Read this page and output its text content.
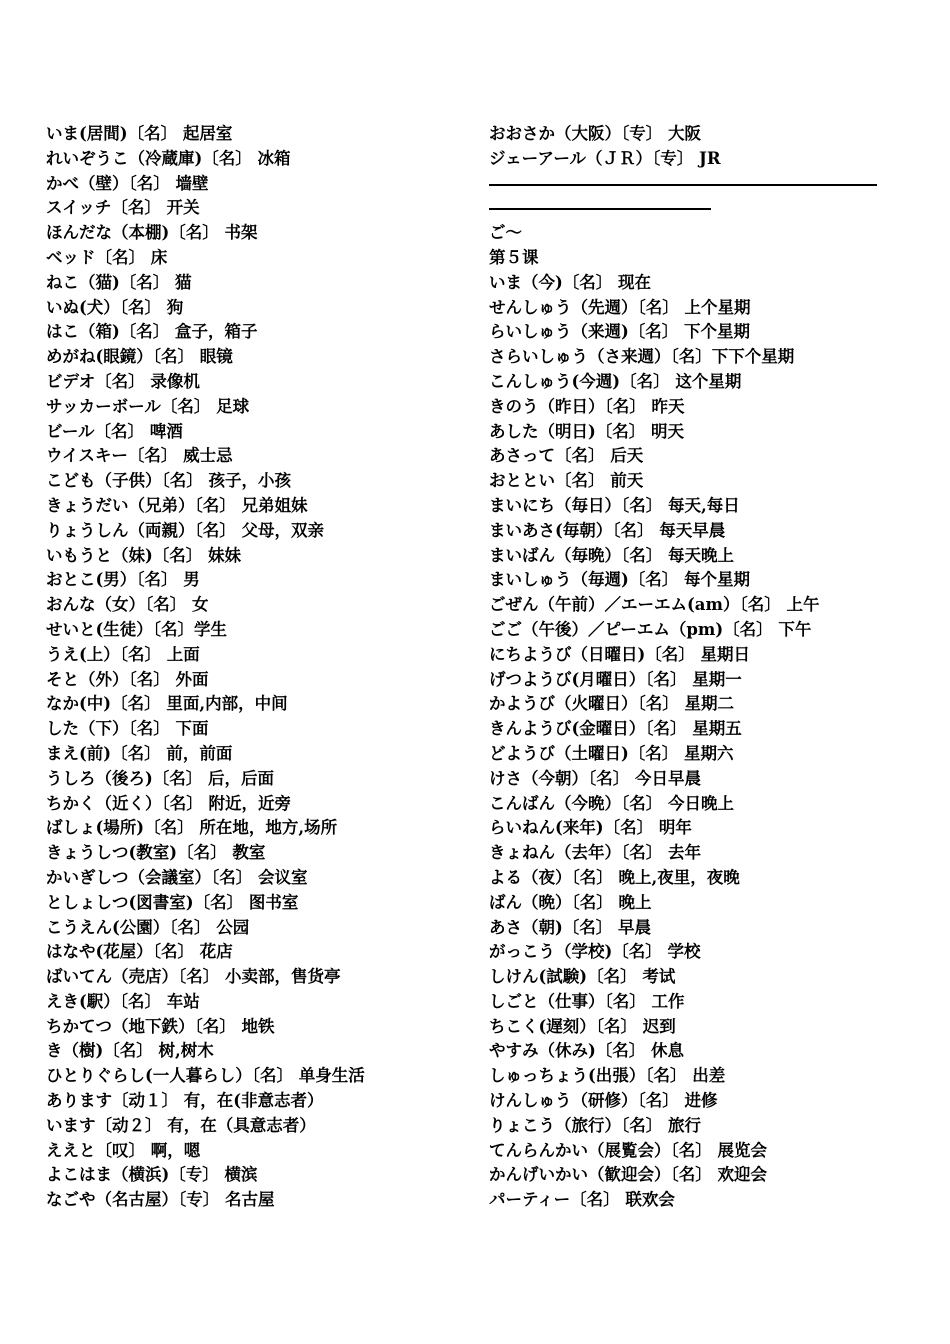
いま(居間)〔名〕 起居室
れいぞうこ（冷蔵庫)〔名〕 冰箱
かべ（壁）〔名〕 墙壁
スイッチ〔名〕 开关
ほんだな（本棚)〔名〕 书架
ベッド〔名〕 床
ねこ（猫)〔名〕 猫
いぬ(犬）〔名〕 狗
はこ（箱)〔名〕 盒子，箱子
めがね(眼鏡）〔名〕 眼镜
ビデオ〔名〕 录像机
サッカーボール〔名〕 足球
ビール〔名〕 啤酒
ウイスキー〔名〕 威士忌
こども（子供）〔名〕 孩子，小孩
きょうだい（兄弟）〔名〕 兄弟姐妹
りょうしん（両親）〔名〕 父母，双亲
いもうと（妹)〔名〕 妹妹
おとこ(男）〔名〕 男
おんな（女）〔名〕 女
せいと(生徒）〔名〕学生
うえ(上）〔名〕 上面
そと（外）〔名〕 外面
なか(中)〔名〕 里面,内部，中间
した（下）〔名〕 下面
まえ(前)〔名〕 前，前面
うしろ（後ろ)〔名〕 后，后面
ちかく（近く）〔名〕 附近，近旁
ばしょ(場所)〔名〕 所在地，地方,场所
きょうしつ(教室)〔名〕 教室
かいぎしつ（会議室）〔名〕 会议室
としょしつ(図書室)〔名〕 图书室
こうえん(公園）〔名〕 公园
はなや(花屋）〔名〕 花店
ばいてん（売店）〔名〕 小卖部，售货亭
えき(駅）〔名〕 车站
ちかてつ（地下鉄）〔名〕 地铁
き（樹)〔名〕 树,树木
ひとりぐらし(一人暮らし）〔名〕 单身生活
あります〔动１〕 有，在(非意志者）
います〔动２〕 有，在（具意志者）
ええと〔叹〕 啊，嗯
よこはま（横浜)〔专〕 横滨
なごや（名古屋）〔专〕 名古屋
おおさか（大阪）〔专〕 大阪
ジェーアール（ＪＲ）〔专〕 JR
ご～
第５课
いま（今)〔名〕 现在
せんしゅう（先週）〔名〕 上个星期
らいしゅう（来週)〔名〕 下个星期
さらいしゅう（さ来週）〔名〕下下个星期
こんしゅう(今週)〔名〕 这个星期
きのう（昨日）〔名〕 昨天
あした（明日)〔名〕 明天
あさって〔名〕 后天
おととい〔名〕 前天
まいにち（毎日）〔名〕 每天,每日
まいあさ(毎朝）〔名〕 每天早晨
まいばん（毎晩）〔名〕 每天晚上
まいしゅう（毎週)〔名〕 每个星期
ごぜん（午前）／エーエム(am）〔名〕 上午
ごご（午後）／ピーエム（pm)〔名〕 下午
にちようび（日曜日)〔名〕 星期日
げつようび(月曜日）〔名〕 星期一
かようび（火曜日）〔名〕 星期二
きんようび(金曜日）〔名〕 星期五
どようび（土曜日)〔名〕 星期六
けさ（今朝）〔名〕 今日早晨
こんばん（今晩）〔名〕 今日晚上
らいねん(来年)〔名〕 明年
きょねん（去年）〔名〕 去年
よる（夜）〔名〕 晚上,夜里，夜晚
ばん（晩）〔名〕 晚上
あさ（朝)〔名〕 早晨
がっこう（学校)〔名〕 学校
しけん(試験)〔名〕 考试
しごと（仕事）〔名〕 工作
ちこく(遅刻）〔名〕 迟到
やすみ（休み)〔名〕 休息
しゅっちょう(出張）〔名〕 出差
けんしゅう（研修）〔名〕 进修
りょこう（旅行）〔名〕 旅行
てんらんかい（展覧会）〔名〕 展览会
かんげいかい（歓迎会）〔名〕 欢迎会
パーティー〔名〕 联欢会
